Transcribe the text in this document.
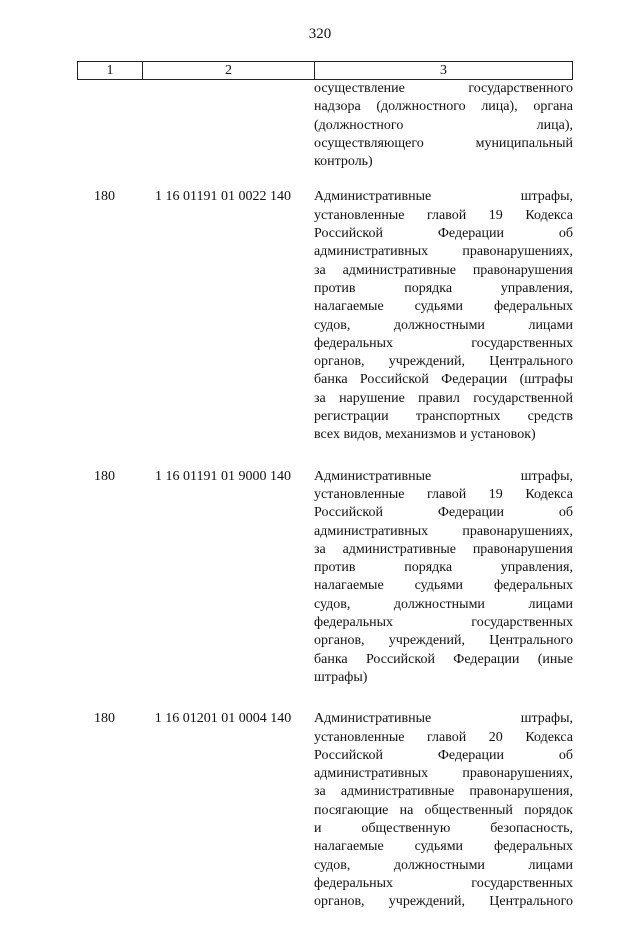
320
1	2	3
осуществление	государственного
надзора (должностного лица), органа
(должностного	лица),
осуществляющего	муниципальный
контроль)
180	1 16 01191 01 0022 140	Административные	штрафы,
установленные главой 19 Кодекса
Российской	Федерации	об
административных правонарушениях,
за административные правонарушения
против	порядка	управления,
налагаемые судьями федеральных
судов,	должностными	лицами
федеральных	государственных
органов, учреждений, Центрального
банка Российской Федерации (штрафы
за нарушение правил государственной
регистрации транспортных средств
всех видов, механизмов и установок)
180	1 16 01191 01 9000 140	Административные	штрафы,
установленные главой 19 Кодекса
Российской	Федерации	об
административных правонарушениях,
за административные правонарушения
против	порядка	управления,
налагаемые судьями федеральных
судов,	должностными	лицами
федеральных	государственных
органов, учреждений, Центрального
банка Российской Федерации (иные
штрафы)
180	1 16 01201 01 0004 140	Административные	штрафы,
установленные главой 20 Кодекса
Российской	Федерации	об
административных правонарушениях,
за административные правонарушения,
посягающие на общественный порядок
и	общественную	безопасность,
налагаемые судьями федеральных
судов,	должностными	лицами
федеральных	государственных
органов, учреждений, Центрального
